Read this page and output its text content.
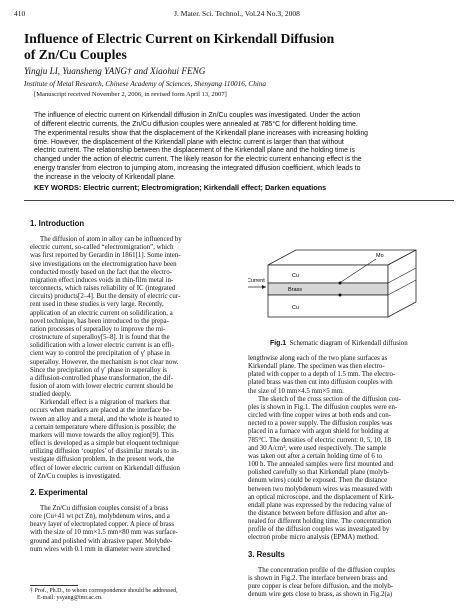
410	J. Mater. Sci. Technol., Vol.24 No.3, 2008
Influence of Electric Current on Kirkendall Diffusion
of Zn/Cu Couples
Yingju LI, Yuansheng YANG† and Xiaohui FENG
Institute of Metal Research, Chinese Academy of Sciences, Shenyang 110016, China
[Manuscript received November 2, 2006, in revised form April 13, 2007]
The influence of electric current on Kirkendall diffusion in Zn/Cu couples was investigated. Under the action
of different electric currents, the Zn/Cu diffusion couples were annealed at 785°C for different holding time.
The experimental results show that the displacement of the Kirkendall plane increases with increasing holding
time. However, the displacement of the Kirkendall plane with electric current is larger than that without
electric current. The relationship between the displacement of the Kirkendall plane and the holding time is
changed under the action of electric current. The likely reason for the electric current enhancing effect is the
energy transfer from electron to jumping atom, increasing the integrated diffusion coefficient, which leads to
the increase in the velocity of Kirkendall plane.
KEY WORDS: Electric current; Electromigration; Kirkendall effect; Darken equations
1. Introduction
The diffusion of atom in alloy can be influenced by
electric current, so-called “electromigration”, which
was first reported by Gerardin in 1861[1]. Some inten-
sive investigations on the electromigration have been
conducted mostly based on the fact that the electro-
migration effect induces voids in thin-film metal in-
terconnects, which raises reliability of IC (integrated
circuits) products[2–4]. But the density of electric cur-
rent used in these studies is very large. Recently,
application of an electric current on solidification, a
novel technique, has been introduced to the prepa-
ration processes of superalloy to improve the mi-
crostructure of superalloy[5–8]. It is found that the
solidification with a lower electric current is an effi-
cient way to control the precipitation of γ′ phase in
superalloy. However, the mechanism is not clear now.
Since the precipitation of γ′ phase in superalloy is
a diffusion-controlled phase transformation, the dif-
fusion of atom with lower electric current should be
studied deeply.
Kirkendall effect is a migration of markers that
occurs when markers are placed at the interface be-
tween an alloy and a metal, and the whole is heated to
a certain temperature where diffusion is possible; the
markers will move towards the alloy region[9]. This
effect is developed as a simple but eloquent technique
utilizing diffusion ‘couples’ of dissimilar metals to in-
vestigate diffusion problem. In the present work, the
effect of lower electric current on Kirkendall diffusion
of Zn/Cu couples is investigated.
2. Experimental
The Zn/Cu diffusion couples consist of a brass
core (Cu+41 wt pct Zn), molybdenum wires, and a
heavy layer of electroplated copper. A piece of brass
with the size of 10 mm×1.5 mm×80 mm was surface-
ground and polished with abrasive paper. Molybde-
num wires with 0.1 mm in diameter were stretched
† Prof., Ph.D., to whom correspondence should be addressed,
E-mail: ysyang@imr.ac.cn.
Mo
Current
Cu
Brass
Cu
Fig.1 Schematic diagram of Kirkendall diffusion
lengthwise along each of the two plane surfaces as
Kirkendall plane. The specimen was then electro-
plated with copper to a depth of 1.5 mm. The electro-
plated brass was then cut into diffusion couples with
the size of 10 mm×4.5 mm×5 mm.
The sketch of the cross section of the diffusion cou-
ples is shown in Fig.1. The diffusion couples were en-
circled with fine copper wires at both ends and con-
nected to a power supply. The diffusion couples was
placed in a furnace with argon shield for holding at
785°C. The densities of electric current: 0, 5, 10, 18
and 30 A/cm², were used respectively. The sample
was taken out after a certain holding time of 6 to
100 h. The annealed samples were first mounted and
polished carefully so that Kirkendall plane (molyb-
denum wires) could be exposed. Then the distance
between two molybdenum wires was measured with
an optical microscope, and the displacement of Kirk-
endall plane was expressed by the reducing value of
the distance between before diffusion and after an-
nealed for different holding time. The concentration
profile of the diffusion couples was investigated by
electron probe micro analysis (EPMA) method.
3. Results
The concentration profile of the diffusion couples
is shown in Fig.2. The interface between brass and
pure copper is clear before diffusion, and the molyb-
denum wire gets close to brass, as shown in Fig.2(a)
